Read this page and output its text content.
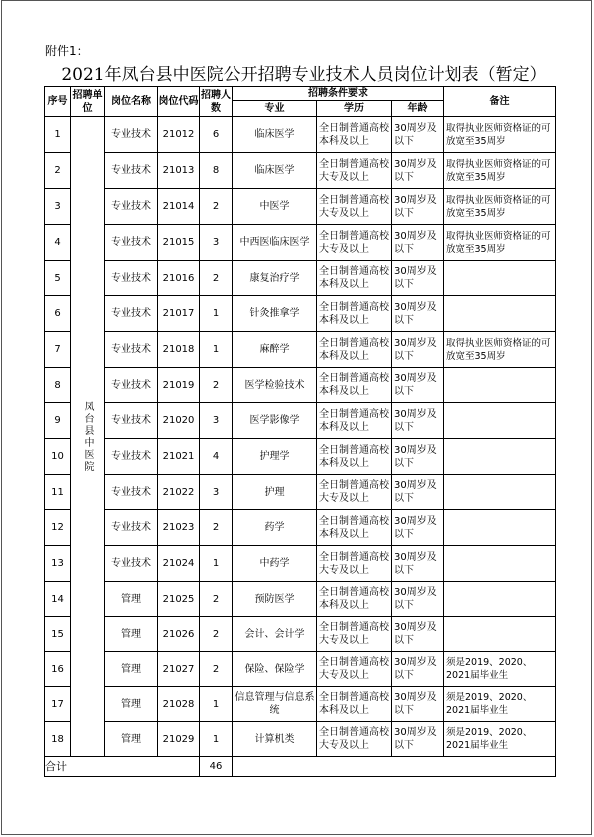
附件1：
2021年凤台县中医院公开招聘专业技术人员岗位计划表（暂定）
序号	招聘单位	岗位名称	岗位代码	招聘人数	招聘条件要求			备注
					专业	学历	年龄	
1	凤台县中医院	专业技术	21012	6	临床医学	全日制普通高校本科及以上	30周岁及以下	取得执业医师资格证的可放宽至35周岁
2		专业技术	21013	8	临床医学	全日制普通高校大专及以上	30周岁及以下	取得执业医师资格证的可放宽至35周岁
3		专业技术	21014	2	中医学	全日制普通高校大专及以上	30周岁及以下	取得执业医师资格证的可放宽至35周岁
4		专业技术	21015	3	中西医临床医学	全日制普通高校大专及以上	30周岁及以下	取得执业医师资格证的可放宽至35周岁
5		专业技术	21016	2	康复治疗学	全日制普通高校本科及以上	30周岁及以下	
6		专业技术	21017	1	针灸推拿学	全日制普通高校本科及以上	30周岁及以下	
7		专业技术	21018	1	麻醉学	全日制普通高校本科及以上	30周岁及以下	取得执业医师资格证的可放宽至35周岁
8		专业技术	21019	2	医学检验技术	全日制普通高校本科及以上	30周岁及以下	
9		专业技术	21020	3	医学影像学	全日制普通高校本科及以上	30周岁及以下	
10		专业技术	21021	4	护理学	全日制普通高校本科及以上	30周岁及以下	
11		专业技术	21022	3	护理	全日制普通高校大专及以上	30周岁及以下	
12		专业技术	21023	2	药学	全日制普通高校本科及以上	30周岁及以下	
13		专业技术	21024	1	中药学	全日制普通高校大专及以上	30周岁及以下	
14		管理	21025	2	预防医学	全日制普通高校本科及以上	30周岁及以下	
15		管理	21026	2	会计、会计学	全日制普通高校大专及以上	30周岁及以下	
16		管理	21027	2	保险、保险学	全日制普通高校大专及以上	30周岁及以下	须是2019、2020、2021届毕业生
17		管理	21028	1	信息管理与信息系统	全日制普通高校本科及以上	30周岁及以下	须是2019、2020、2021届毕业生
18		管理	21029	1	计算机类	全日制普通高校大专及以上	30周岁及以下	须是2019、2020、2021届毕业生
合计				46				
